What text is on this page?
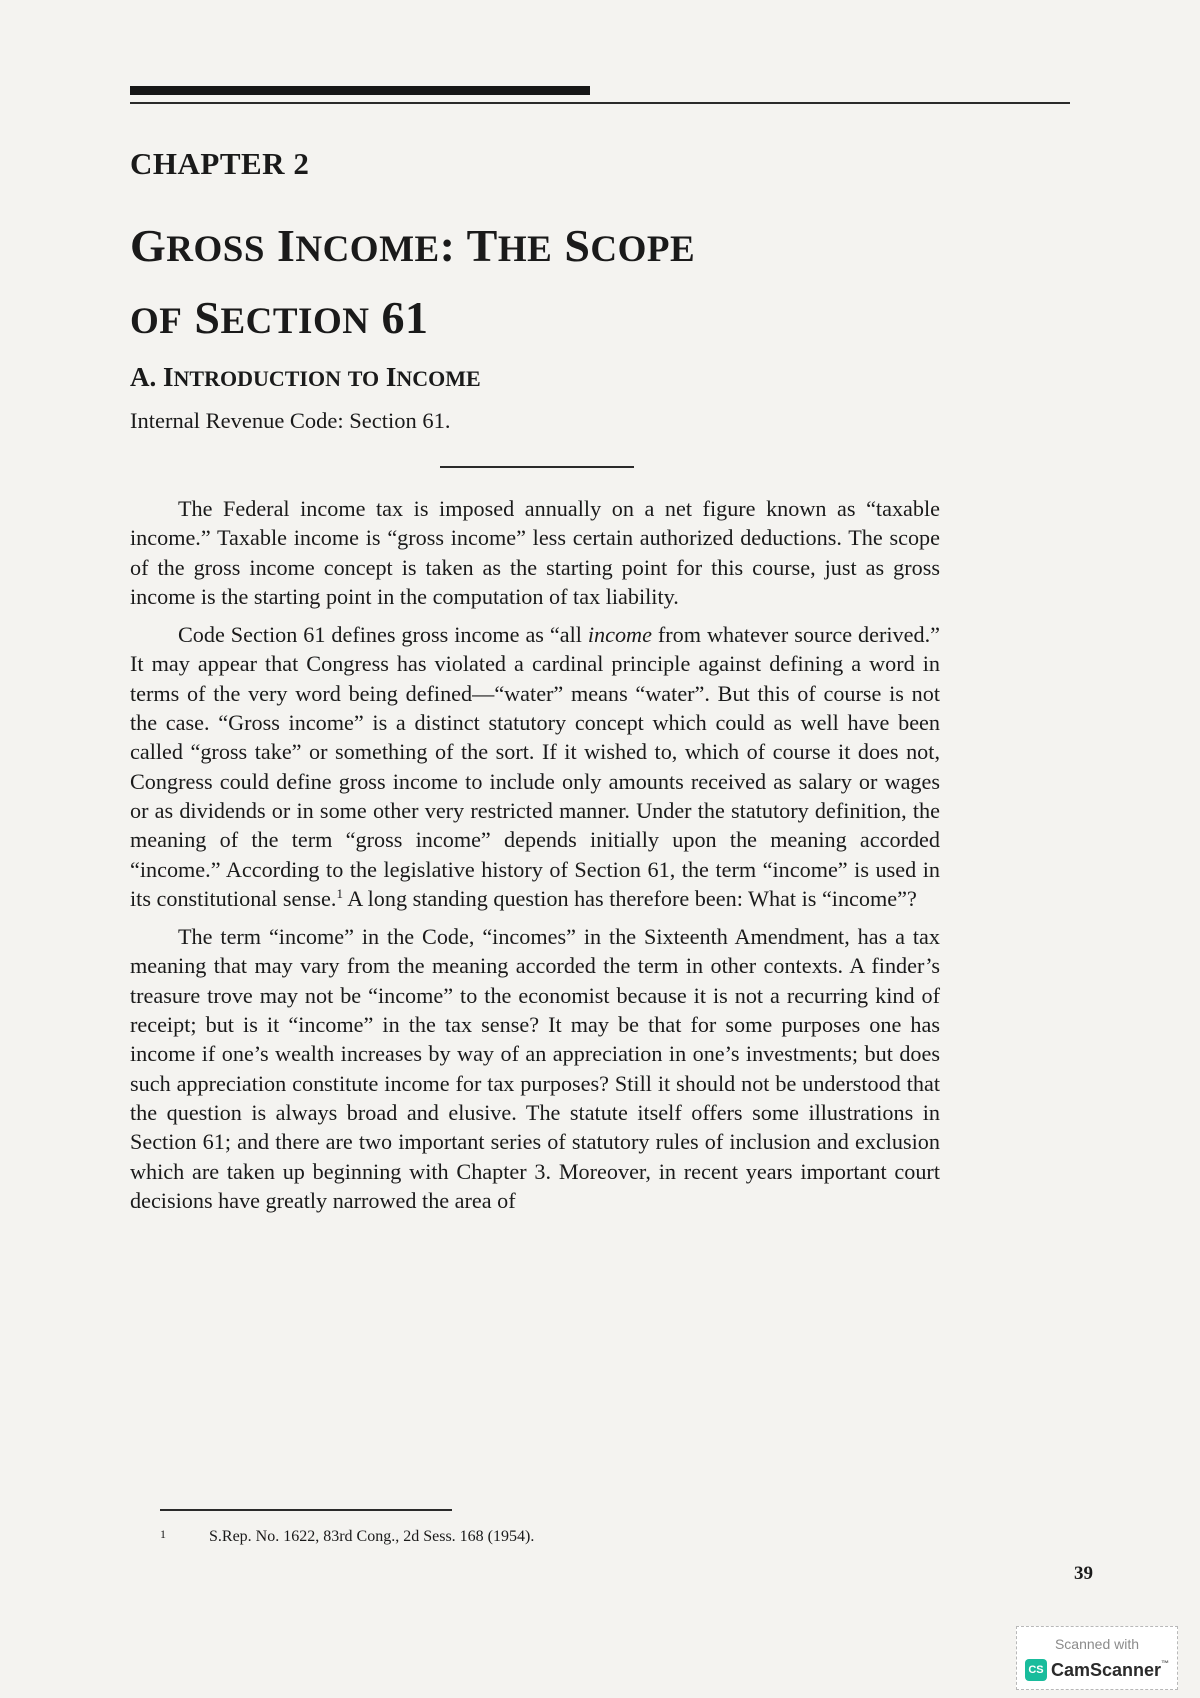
CHAPTER 2
GROSS INCOME: THE SCOPE
OF SECTION 61
A. INTRODUCTION TO INCOME
Internal Revenue Code: Section 61.

The Federal income tax is imposed annually on a net figure known as “taxable income.” Taxable income is “gross income” less certain authorized deductions. The scope of the gross income concept is taken as the starting point for this course, just as gross income is the starting point in the computation of tax liability.

Code Section 61 defines gross income as “all income from whatever source derived.” It may appear that Congress has violated a cardinal principle against defining a word in terms of the very word being defined—“water” means “water”. But this of course is not the case. “Gross income” is a distinct statutory concept which could as well have been called “gross take” or something of the sort. If it wished to, which of course it does not, Congress could define gross income to include only amounts received as salary or wages or as dividends or in some other very restricted manner. Under the statutory definition, the meaning of the term “gross income” depends initially upon the meaning accorded “income.” According to the legislative history of Section 61, the term “income” is used in its constitutional sense.$^1$ A long standing question has therefore been: What is “income”?

The term “income” in the Code, “incomes” in the Sixteenth Amendment, has a tax meaning that may vary from the meaning accorded the term in other contexts. A finder’s treasure trove may not be “income” to the economist because it is not a recurring kind of receipt; but is it “income” in the tax sense? It may be that for some purposes one has income if one’s wealth increases by way of an appreciation in one’s investments; but does such appreciation constitute income for tax purposes? Still it should not be understood that the question is always broad and elusive. The statute itself offers some illustrations in Section 61; and there are two important series of statutory rules of inclusion and exclusion which are taken up beginning with Chapter 3. Moreover, in recent years important court decisions have greatly narrowed the area of

1	S.Rep. No. 1622, 83rd Cong., 2d Sess. 168 (1954).
39
Scanned with
CS CamScanner™
